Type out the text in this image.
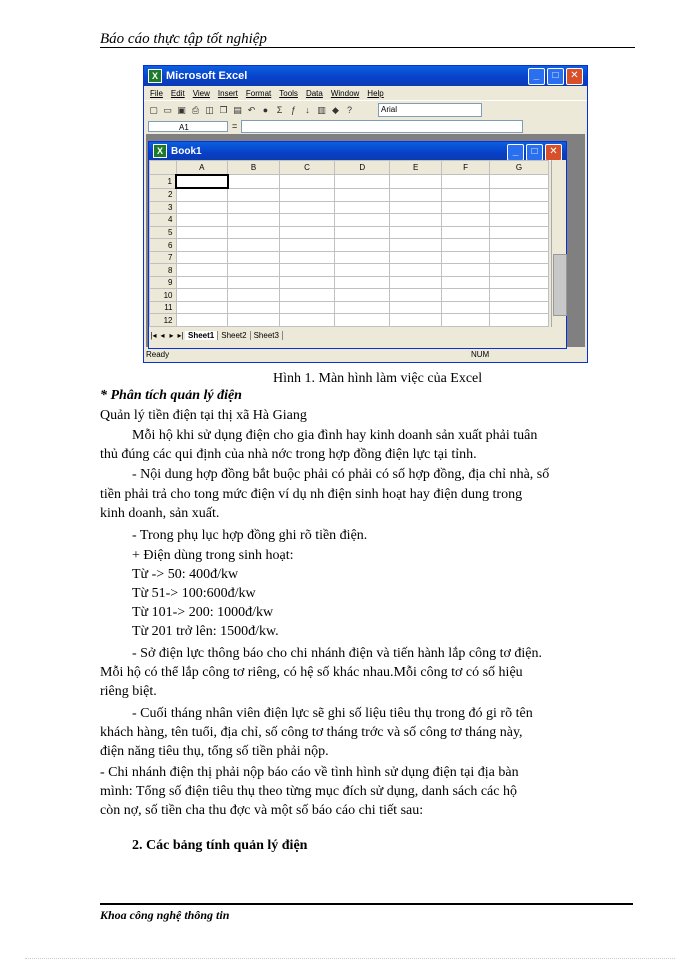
Báo cáo thực tập tốt nghiệp
X Microsoft Excel	_	□	✕
File Edit View Insert Format Tools Data Window Help
▢ ▭ ▣ ⎙ ◫ ❐ ▤ ↶ ● Σ ƒ	↓ ▥ ◆ ?	Arial
A1	=
X Book1	_	□	✕
	A	B	C	D	E	F	G
1							
2							
3							
4							
5							
6							
7							
8							
9							
10							
11							
12							
|◂ ◂ ▸ ▸| Sheet1 Sheet2 Sheet3
Ready	NUM
Hình 1. Màn hình làm việc của Excel
* Phân tích quản lý điện
Quản lý tiền điện tại thị xã Hà Giang
Mỗi hộ khi sử dụng điện cho gia đình hay kinh doanh sản xuất phải tuân
thủ đúng các qui định của nhà nớc trong hợp đồng điện lực tại tỉnh.
- Nội dung hợp đồng bắt buộc phải có phải có số hợp đồng, địa chỉ nhà, số
tiền phải trả cho tong mức điện ví dụ nh điện sinh hoạt hay điện dung trong
kinh doanh, sản xuất.
- Trong phụ lục hợp đồng ghi rõ tiền điện.
+ Điện dùng trong sinh hoạt:
Từ -> 50: 400đ/kw
Từ 51-> 100:600đ/kw
Từ 101-> 200: 1000đ/kw
Từ 201 trở lên: 1500đ/kw.
- Sở điện lực thông báo cho chi nhánh điện và tiến hành lắp công tơ điện.
Mỗi hộ có thể lắp công tơ riêng, có hệ số khác nhau.Mỗi công tơ có số hiệu
riêng biệt.
- Cuối tháng nhân viên điện lực sẽ ghi số liệu tiêu thụ trong đó gi rõ tên
khách hàng, tên tuổi, địa chỉ, số công tơ tháng trớc và số công tơ tháng này,
điện năng tiêu thụ, tổng số tiền phải nộp.
- Chi nhánh điện thị phải nộp báo cáo về tình hình sử dụng điện tại địa bàn
mình: Tổng số điện tiêu thụ theo từng mục đích sử dụng, danh sách các hộ
còn nợ, số tiền cha thu đợc và một số báo cáo chi tiết sau:
2. Các bảng tính quản lý điện
Khoa công nghệ thông tin
